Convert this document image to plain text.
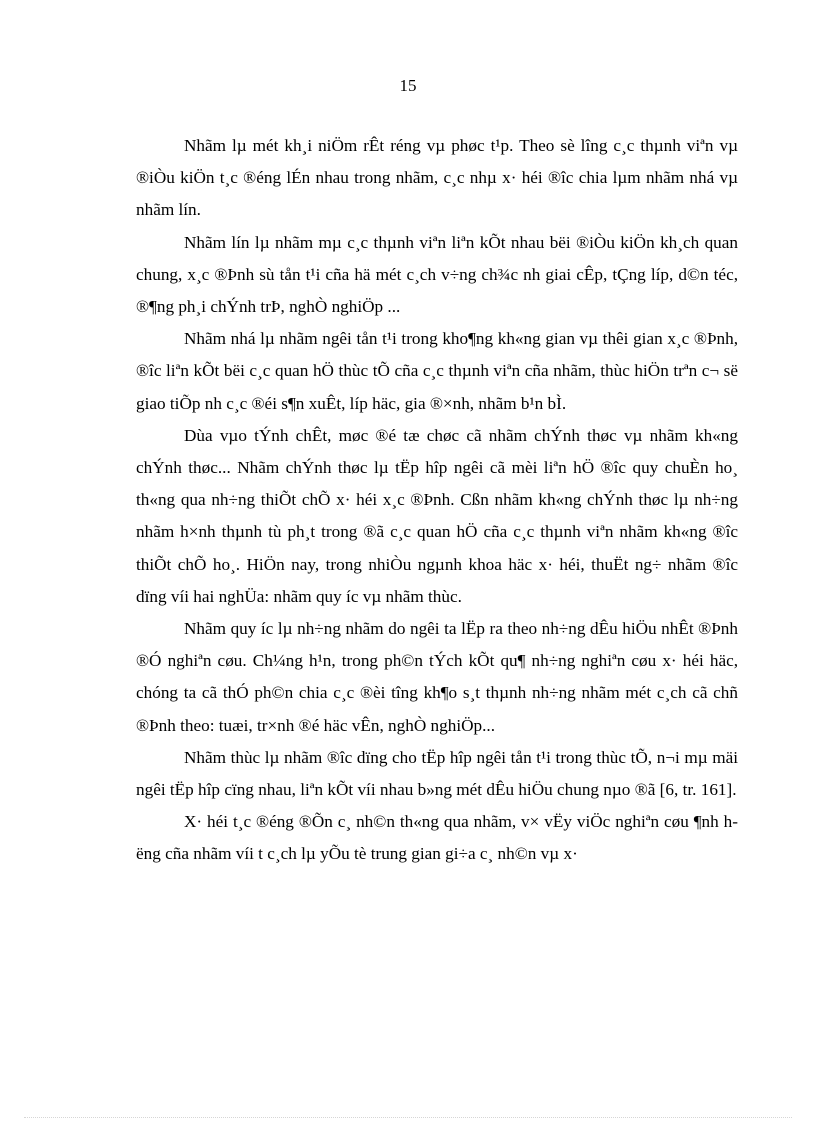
15

Nhãm lµ mét kh¸i niÖm rÊt réng vµ phøc t¹p. Theo sè lîng c¸c thµnh viªn vµ ®iÒu kiÖn t¸c ®éng lÉn nhau trong nhãm, c¸c nhµ x· héi ®îc chia lµm nhãm nhá vµ nhãm lín.

Nhãm lín lµ nhãm mµ c¸c thµnh viªn liªn kÕt nhau bëi ®iÒu kiÖn kh¸ch quan chung, x¸c ®Þnh sù tån t¹i cña hä mét c¸ch v÷ng ch¾c nh giai cÊp, tÇng líp, d©n téc, ®¶ng ph¸i chÝnh trÞ, nghÒ nghiÖp ...

Nhãm nhá lµ nhãm ngêi tån t¹i trong kho¶ng kh«ng gian vµ thêi gian x¸c ®Þnh, ®îc liªn kÕt bëi c¸c quan hÖ thùc tÕ cña c¸c thµnh viªn cña nhãm, thùc hiÖn trªn c¬ së giao tiÕp nh c¸c ®éi s¶n xuÊt, líp häc, gia ®×nh, nhãm b¹n bÌ.

Dùa vµo tÝnh chÊt, møc ®é tæ chøc cã nhãm chÝnh thøc vµ nhãm kh«ng chÝnh thøc... Nhãm chÝnh thøc lµ tËp hîp ngêi cã mèi liªn hÖ ®îc quy chuÈn ho¸ th«ng qua nh÷ng thiÕt chÕ x· héi x¸c ®Þnh. Cßn nhãm kh«ng chÝnh thøc lµ nh÷ng nhãm h×nh thµnh tù ph¸t trong ®ã c¸c quan hÖ cña c¸c thµnh viªn nhãm kh«ng ®îc thiÕt chÕ ho¸. HiÖn nay, trong nhiÒu ngµnh khoa häc x· héi, thuËt ng÷ nhãm ®îc dïng víi hai nghÜa: nhãm quy íc vµ nhãm thùc.

Nhãm quy íc lµ nh÷ng nhãm do ngêi ta lËp ra theo nh÷ng dÊu hiÖu nhÊt ®Þnh ®Ó nghiªn cøu. Ch¼ng h¹n, trong ph©n tÝch kÕt qu¶ nh÷ng nghiªn cøu x· héi häc, chóng ta cã thÓ ph©n chia c¸c ®èi tîng kh¶o s¸t thµnh nh÷ng nhãm mét c¸ch cã chñ ®Þnh theo: tuæi, tr×nh ®é häc vÊn, nghÒ nghiÖp...

Nhãm thùc lµ nhãm ®îc dïng cho tËp hîp ngêi tån t¹i trong thùc tÕ, n¬i mµ mäi ngêi tËp hîp cïng nhau, liªn kÕt víi nhau b»ng mét dÊu hiÖu chung nµo ®ã [6, tr. 161].

X· héi t¸c ®éng ®Õn c¸ nh©n th«ng qua nhãm, v× vËy viÖc nghiªn cøu ¶nh hëng cña nhãm víi t c¸ch lµ yÕu tè trung gian gi÷a c¸ nh©n vµ x·
